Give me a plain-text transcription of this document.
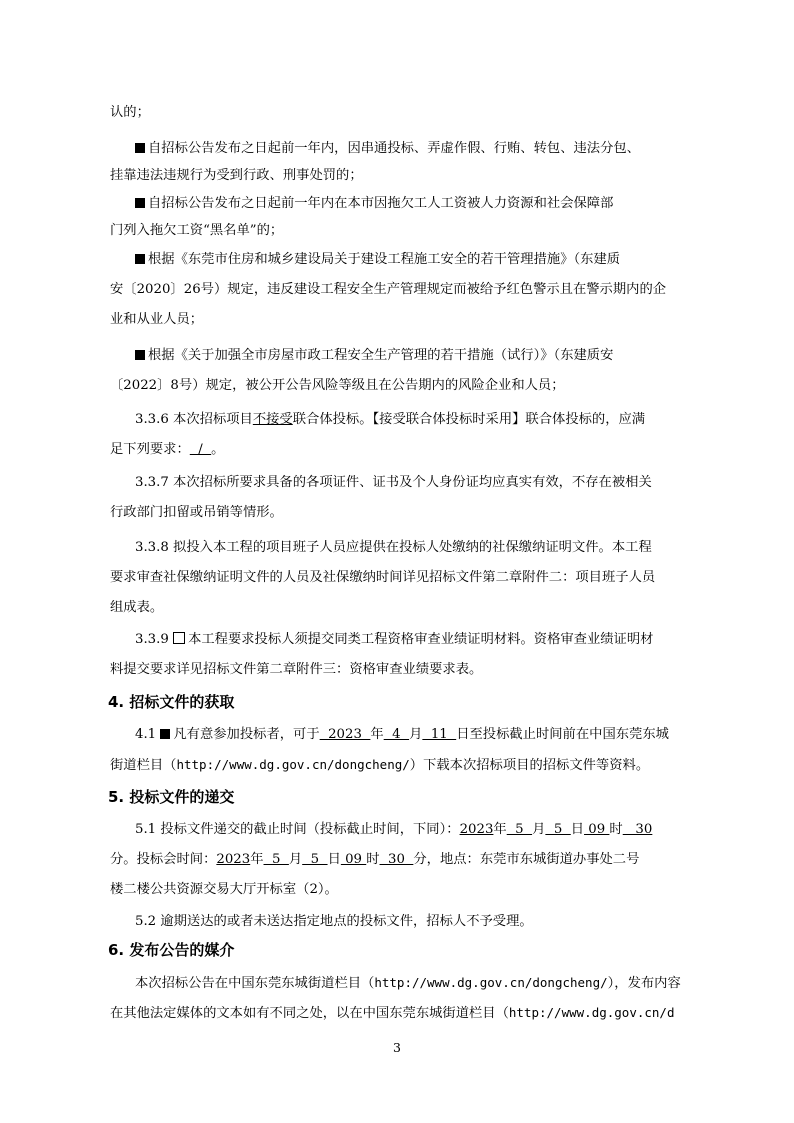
认的；
自招标公告发布之日起前一年内，因串通投标、弄虚作假、行贿、转包、违法分包、
挂靠违法违规行为受到行政、刑事处罚的；
自招标公告发布之日起前一年内在本市因拖欠工人工资被人力资源和社会保障部
门列入拖欠工资“黑名单”的；
根据《东莞市住房和城乡建设局关于建设工程施工安全的若干管理措施》（东建质
安〔2020〕26号）规定，违反建设工程安全生产管理规定而被给予红色警示且在警示期内的企
业和从业人员；
根据《关于加强全市房屋市政工程安全生产管理的若干措施（试行）》（东建质安
〔2022〕8号）规定，被公开公告风险等级且在公告期内的风险企业和人员；
3.3.6 本次招标项目不接受联合体投标。【接受联合体投标时采用】联合体投标的，应满
足下列要求：  /  。
3.3.7 本次招标所要求具备的各项证件、证书及个人身份证均应真实有效，不存在被相关
行政部门扣留或吊销等情形。
3.3.8 拟投入本工程的项目班子人员应提供在投标人处缴纳的社保缴纳证明文件。本工程
要求审查社保缴纳证明文件的人员及社保缴纳时间详见招标文件第二章附件二：项目班子人员
组成表。
3.3.9 本工程要求投标人须提交同类工程资格审查业绩证明材料。资格审查业绩证明材
料提交要求详见招标文件第二章附件三：资格审查业绩要求表。
4. 招标文件的获取
4.1 凡有意参加投标者，可于  2023  年  4  月  11  日至投标截止时间前在中国东莞东城
街道栏目（http://www.dg.gov.cn/dongcheng/）下载本次招标项目的招标文件等资料。
5. 投标文件的递交
5.1 投标文件递交的截止时间（投标截止时间，下同）：2023年  5  月  5  日 09 时   30
分。投标会时间：2023年  5  月  5  日 09 时  30  分，地点：东莞市东城街道办事处二号
楼二楼公共资源交易大厅开标室（2）。
5.2 逾期送达的或者未送达指定地点的投标文件，招标人不予受理。
6. 发布公告的媒介
本次招标公告在中国东莞东城街道栏目（http://www.dg.gov.cn/dongcheng/），发布内容
在其他法定媒体的文本如有不同之处，以在中国东莞东城街道栏目（http://www.dg.gov.cn/d
3
